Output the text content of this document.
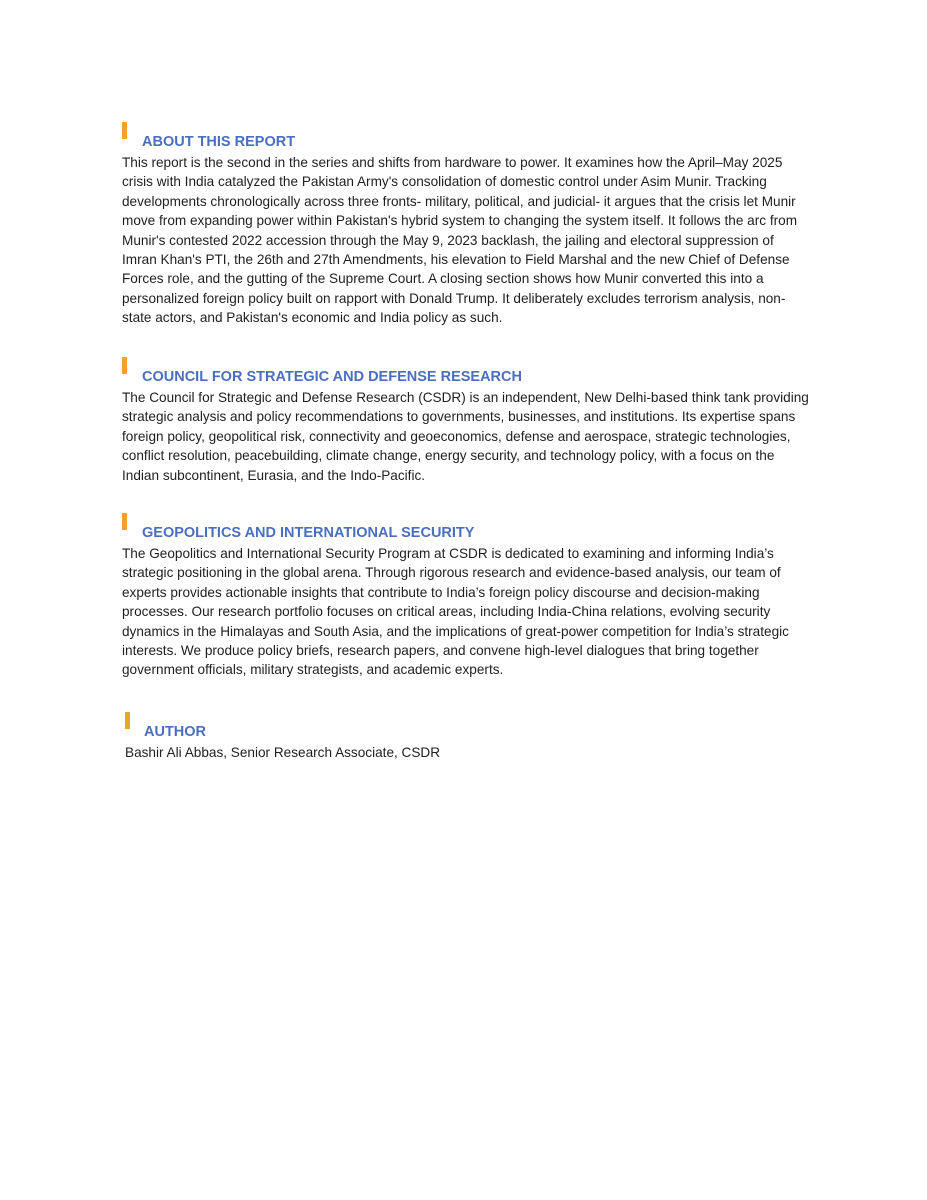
ABOUT THIS REPORT

This report is the second in the series and shifts from hardware to power. It examines how the April–May 2025 crisis with India catalyzed the Pakistan Army's consolidation of domestic control under Asim Munir. Tracking developments chronologically across three fronts- military, political, and judicial- it argues that the crisis let Munir move from expanding power within Pakistan's hybrid system to changing the system itself. It follows the arc from Munir's contested 2022 accession through the May 9, 2023 backlash, the jailing and electoral suppression of Imran Khan's PTI, the 26th and 27th Amendments, his elevation to Field Marshal and the new Chief of Defense Forces role, and the gutting of the Supreme Court. A closing section shows how Munir converted this into a personalized foreign policy built on rapport with Donald Trump. It deliberately excludes terrorism analysis, non-state actors, and Pakistan's economic and India policy as such.

COUNCIL FOR STRATEGIC AND DEFENSE RESEARCH

The Council for Strategic and Defense Research (CSDR) is an independent, New Delhi-based think tank providing strategic analysis and policy recommendations to governments, businesses, and institutions. Its expertise spans foreign policy, geopolitical risk, connectivity and geoeconomics, defense and aerospace, strategic technologies, conflict resolution, peacebuilding, climate change, energy security, and technology policy, with a focus on the Indian subcontinent, Eurasia, and the Indo-Pacific.

GEOPOLITICS AND INTERNATIONAL SECURITY

The Geopolitics and International Security Program at CSDR is dedicated to examining and informing India’s strategic positioning in the global arena. Through rigorous research and evidence-based analysis, our team of experts provides actionable insights that contribute to India’s foreign policy discourse and decision-making processes. Our research portfolio focuses on critical areas, including India-China relations, evolving security dynamics in the Himalayas and South Asia, and the implications of great-power competition for India’s strategic interests. We produce policy briefs, research papers, and convene high-level dialogues that bring together government officials, military strategists, and academic experts.

AUTHOR

Bashir Ali Abbas, Senior Research Associate, CSDR
